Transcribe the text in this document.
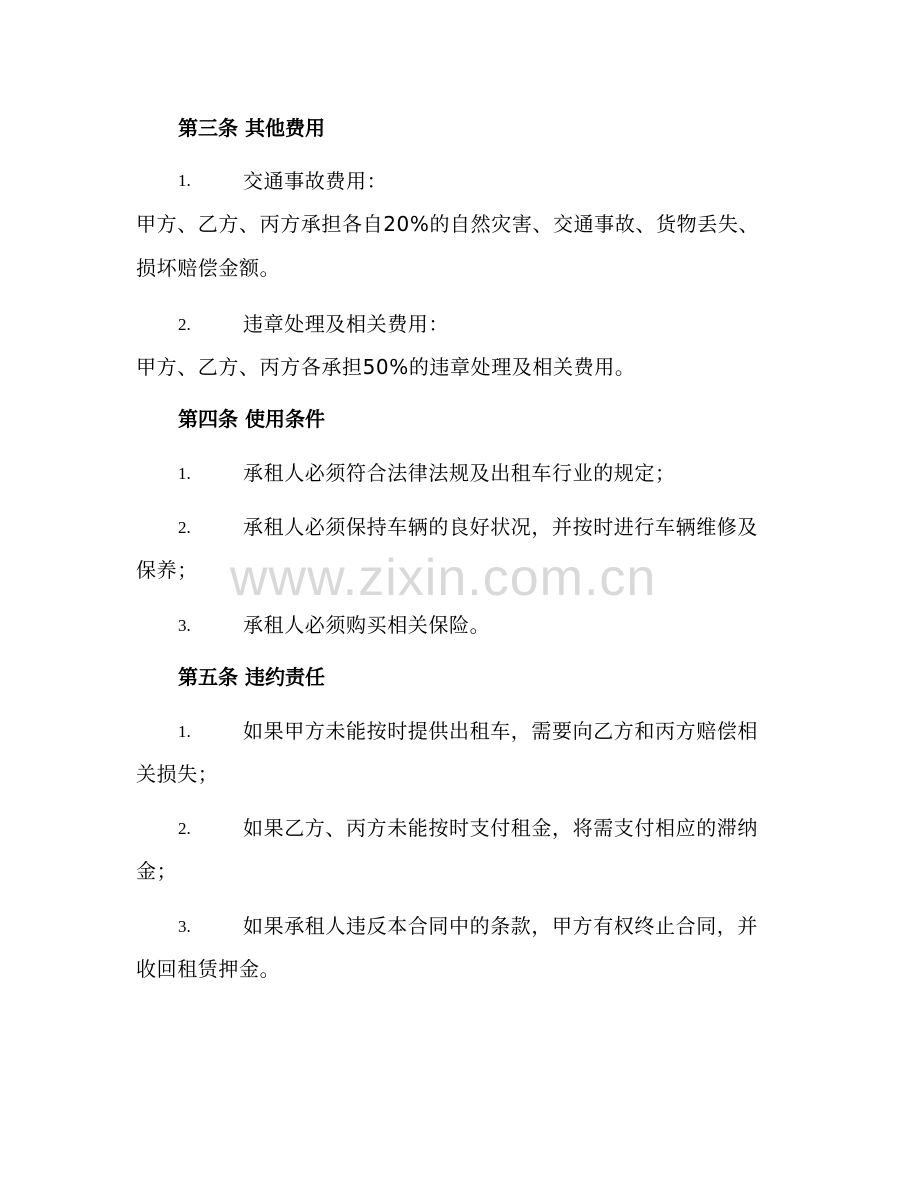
www.zixin.com.cn
第三条 其他费用
1.	交通事故费用：
甲方、乙方、丙方承担各自20%的自然灾害、交通事故、货物丢失、
损坏赔偿金额。
2.	违章处理及相关费用：
甲方、乙方、丙方各承担50%的违章处理及相关费用。
第四条 使用条件
1.	承租人必须符合法律法规及出租车行业的规定；
2.	承租人必须保持车辆的良好状况，并按时进行车辆维修及
保养；
3.	承租人必须购买相关保险。
第五条 违约责任
1.	如果甲方未能按时提供出租车，需要向乙方和丙方赔偿相
关损失；
2.	如果乙方、丙方未能按时支付租金，将需支付相应的滞纳
金；
3.	如果承租人违反本合同中的条款，甲方有权终止合同，并
收回租赁押金。
